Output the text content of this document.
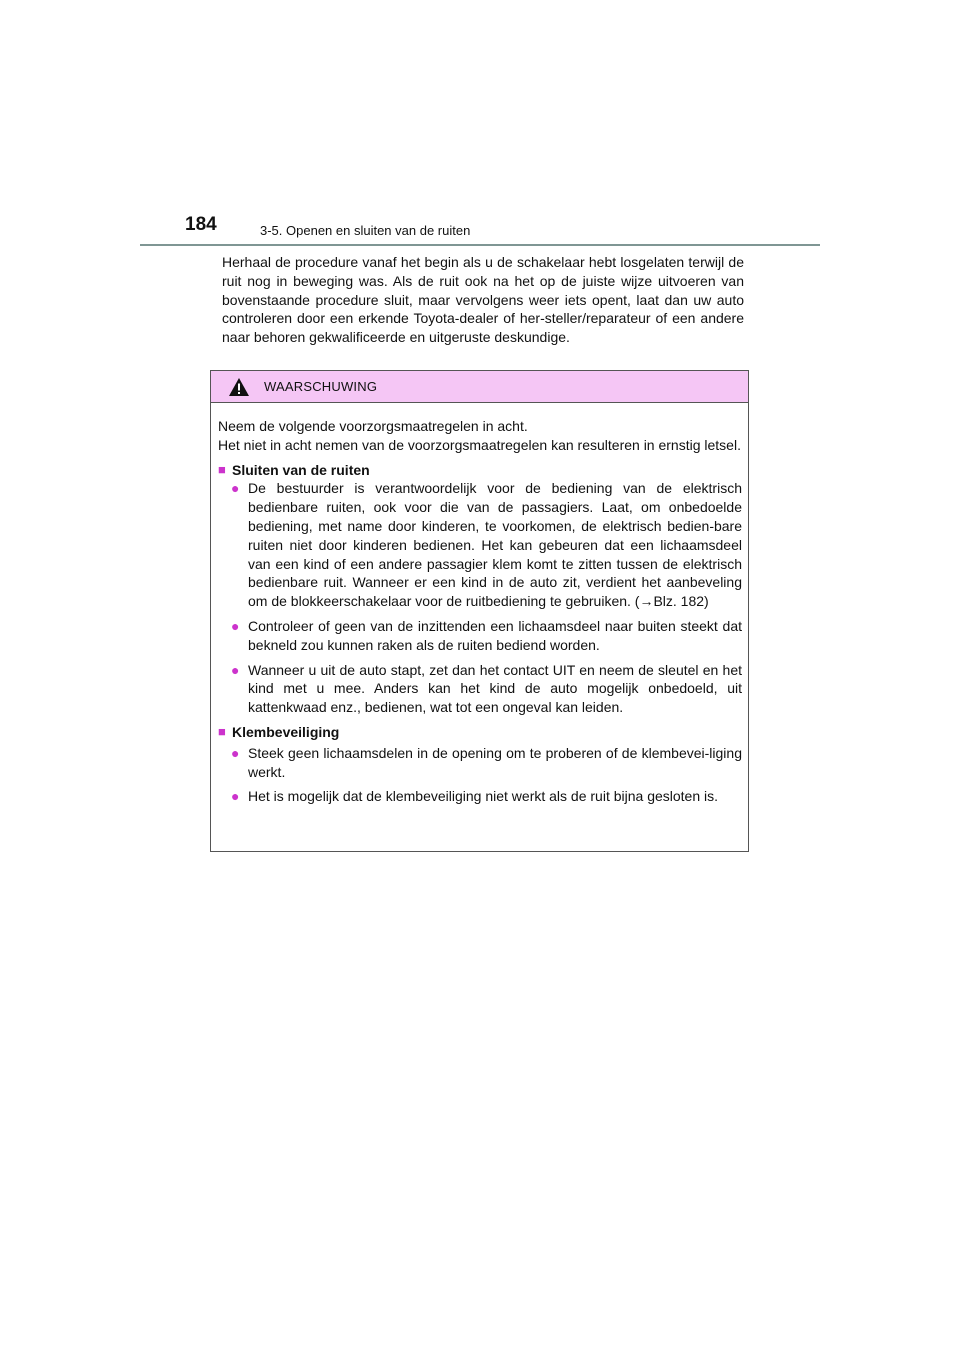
184	3-5. Openen en sluiten van de ruiten

Herhaal de procedure vanaf het begin als u de schakelaar hebt losgelaten terwijl de ruit nog in beweging was. Als de ruit ook na het op de juiste wijze uitvoeren van bovenstaande procedure sluit, maar vervolgens weer iets opent, laat dan uw auto controleren door een erkende Toyota-dealer of her-steller/reparateur of een andere naar behoren gekwalificeerde en uitgeruste deskundige.

WAARSCHUWING

Neem de volgende voorzorgsmaatregelen in acht.

Het niet in acht nemen van de voorzorgsmaatregelen kan resulteren in ernstig letsel.

■ Sluiten van de ruiten

● De bestuurder is verantwoordelijk voor de bediening van de elektrisch bedienbare ruiten, ook voor die van de passagiers. Laat, om onbedoelde bediening, met name door kinderen, te voorkomen, de elektrisch bedien-bare ruiten niet door kinderen bedienen. Het kan gebeuren dat een lichaamsdeel van een kind of een andere passagier klem komt te zitten tussen de elektrisch bedienbare ruit. Wanneer er een kind in de auto zit, verdient het aanbeveling om de blokkeerschakelaar voor de ruitbediening te gebruiken. (→Blz. 182)
● Controleer of geen van de inzittenden een lichaamsdeel naar buiten steekt dat bekneld zou kunnen raken als de ruiten bediend worden.
● Wanneer u uit de auto stapt, zet dan het contact UIT en neem de sleutel en het kind met u mee. Anders kan het kind de auto mogelijk onbedoeld, uit kattenkwaad enz., bedienen, wat tot een ongeval kan leiden.

■ Klembeveiliging

● Steek geen lichaamsdelen in de opening om te proberen of de klembevei-liging werkt.
● Het is mogelijk dat de klembeveiliging niet werkt als de ruit bijna gesloten is.
